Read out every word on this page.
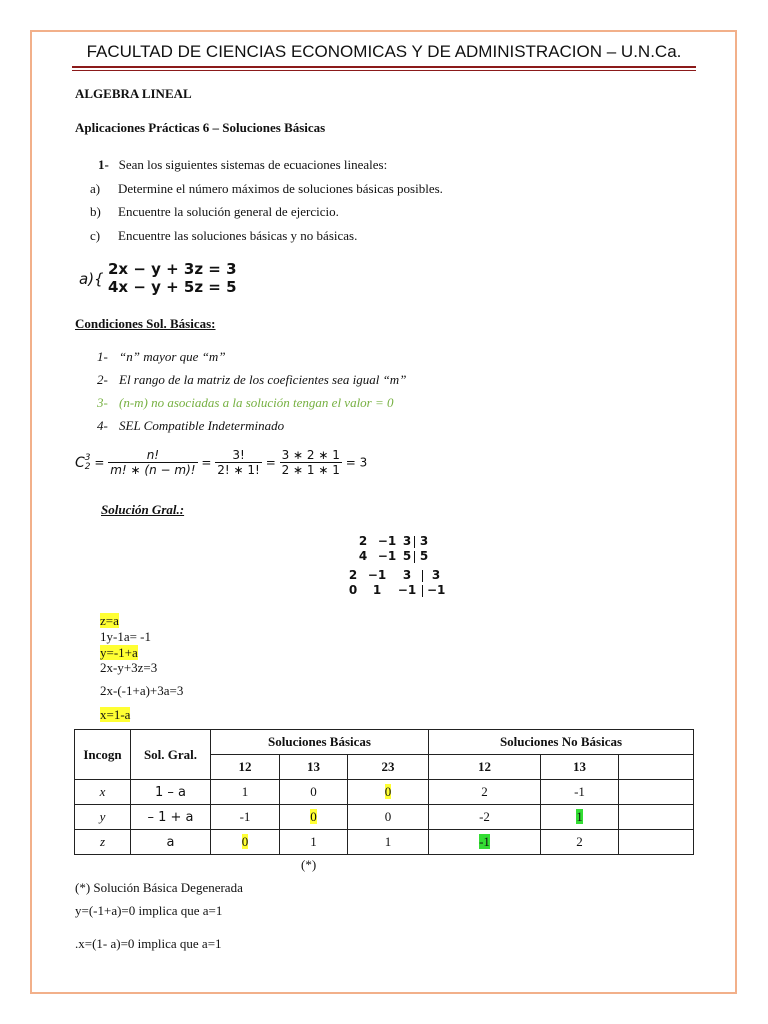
FACULTAD DE CIENCIAS ECONOMICAS Y DE ADMINISTRACION – U.N.Ca.
ALGEBRA LINEAL
Aplicaciones Prácticas 6 – Soluciones Básicas
1- Sean los siguientes sistemas de ecuaciones lineales:
a) Determine el número máximos de soluciones básicas posibles.
b) Encuentre la solución general de ejercicio.
c) Encuentre las soluciones básicas y no básicas.
a){
2x − y + 3z = 3
4x − y + 5z = 5
Condiciones Sol. Básicas:
1- “n” mayor que “m”
2- El rango de la matriz de los coeficientes sea igual “m”
3- (n-m) no asociadas a la solución tengan el valor = 0
4- SEL Compatible Indeterminado
C 3
$2 = \frac{n!}{m! ∗ (n - m)!} = \frac{3!}{2! ∗ 1!} = \frac{3 ∗ 2 ∗ 1}{2 ∗ 1 ∗ 1} = 3$
Solución Gral.:
2 −1 3 3
4 −1 5 5
2 −1 3 3
0 1 −1 −1
z=a
1y-1a= -1
y=-1+a
2x-y+3z=3
2x-(-1+a)+3a=3
x=1-a
Incogn	Sol. Gral.	Soluciones Básicas			Soluciones No Básicas		
		12	13	23	12	13	
x	1 – a	1	0	0	2	-1	
y	– 1 + a	-1	0	0	-2	1	
z	a	0	1	1	-1	2	
(*)
(*) Solución Básica Degenerada
y=(-1+a)=0 implica que a=1
.x=(1- a)=0 implica que a=1
